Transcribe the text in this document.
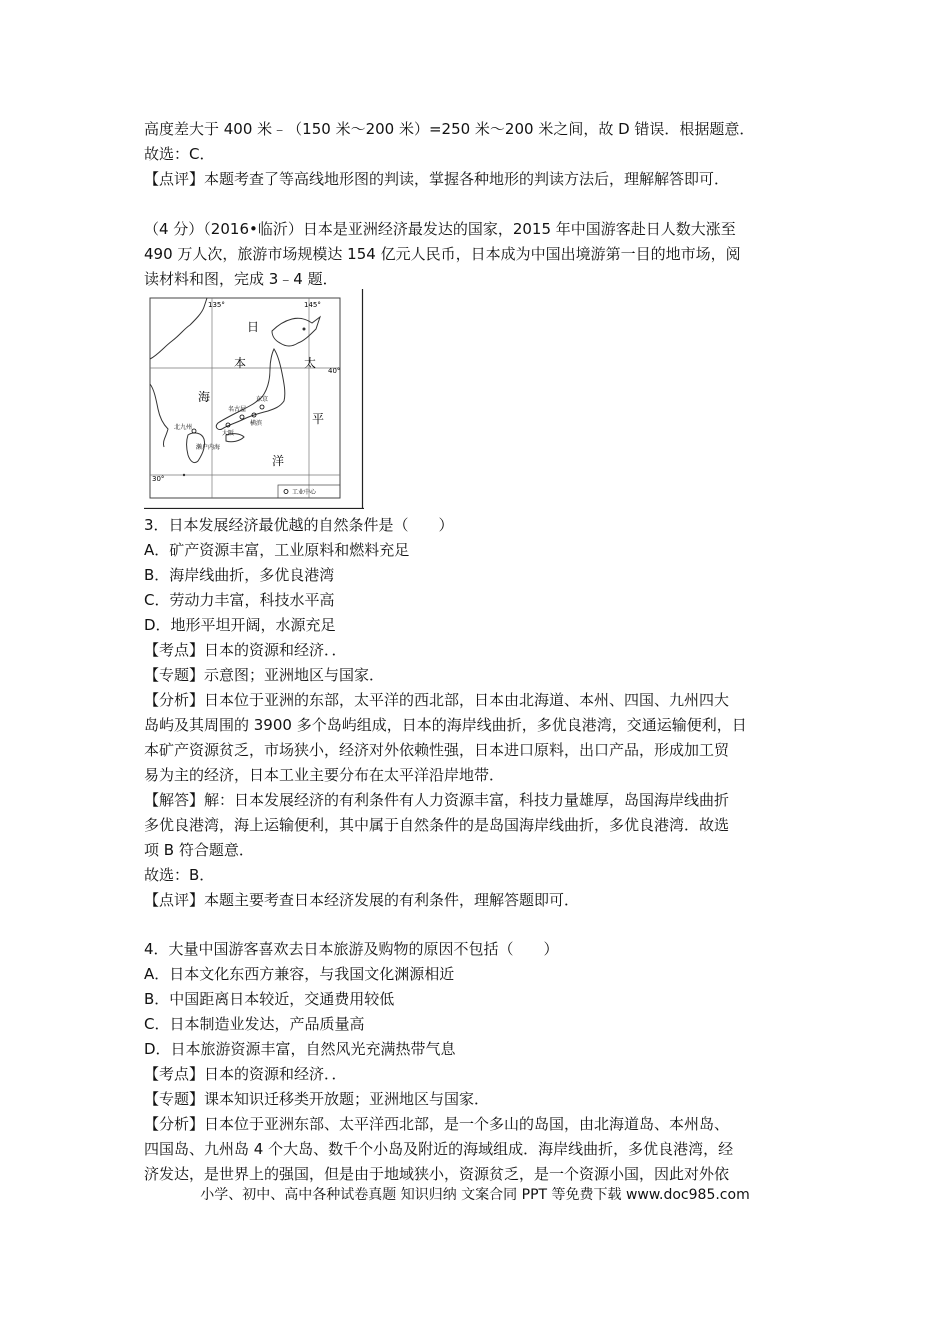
高度差大于 400 米﹣（150 米～200 米）=250 米～200 米之间，故 D 错误．根据题意．
故选：C．
【点评】本题考查了等高线地形图的判读，掌握各种地形的判读方法后，理解解答即可．
（4 分）（2016•临沂）日本是亚洲经济最发达的国家，2015 年中国游客赴日人数大涨至
490 万人次，旅游市场规模达 154 亿元人民币，日本成为中国出境游第一目的地市场，阅
读材料和图，完成 3﹣4 题．
135°	145°
40°
30°
日
本
海
太
平
洋
名古屋
东京
大阪
横滨
北九州
濑户内海
工业中心
3．日本发展经济最优越的自然条件是（　　）
A．矿产资源丰富，工业原料和燃料充足
B．海岸线曲折，多优良港湾
C．劳动力丰富，科技水平高
D．地形平坦开阔，水源充足
【考点】日本的资源和经济．．
【专题】示意图；亚洲地区与国家．
【分析】日本位于亚洲的东部，太平洋的西北部，日本由北海道、本州、四国、九州四大
岛屿及其周围的 3900 多个岛屿组成，日本的海岸线曲折，多优良港湾，交通运输便利，日
本矿产资源贫乏，市场狭小，经济对外依赖性强，日本进口原料，出口产品，形成加工贸
易为主的经济，日本工业主要分布在太平洋沿岸地带．
【解答】解：日本发展经济的有利条件有人力资源丰富，科技力量雄厚，岛国海岸线曲折
多优良港湾，海上运输便利，其中属于自然条件的是岛国海岸线曲折，多优良港湾．故选
项 B 符合题意．
故选：B．
【点评】本题主要考查日本经济发展的有利条件，理解答题即可．
4．大量中国游客喜欢去日本旅游及购物的原因不包括（　　）
A．日本文化东西方兼容，与我国文化渊源相近
B．中国距离日本较近，交通费用较低
C．日本制造业发达，产品质量高
D．日本旅游资源丰富，自然风光充满热带气息
【考点】日本的资源和经济．．
【专题】课本知识迁移类开放题；亚洲地区与国家．
【分析】日本位于亚洲东部、太平洋西北部，是一个多山的岛国，由北海道岛、本州岛、
四国岛、九州岛 4 个大岛、数千个小岛及附近的海域组成．海岸线曲折，多优良港湾，经
济发达，是世界上的强国，但是由于地域狭小，资源贫乏，是一个资源小国，因此对外依
小学、初中、高中各种试卷真题 知识归纳 文案合同 PPT 等免费下载 www.doc985.com
